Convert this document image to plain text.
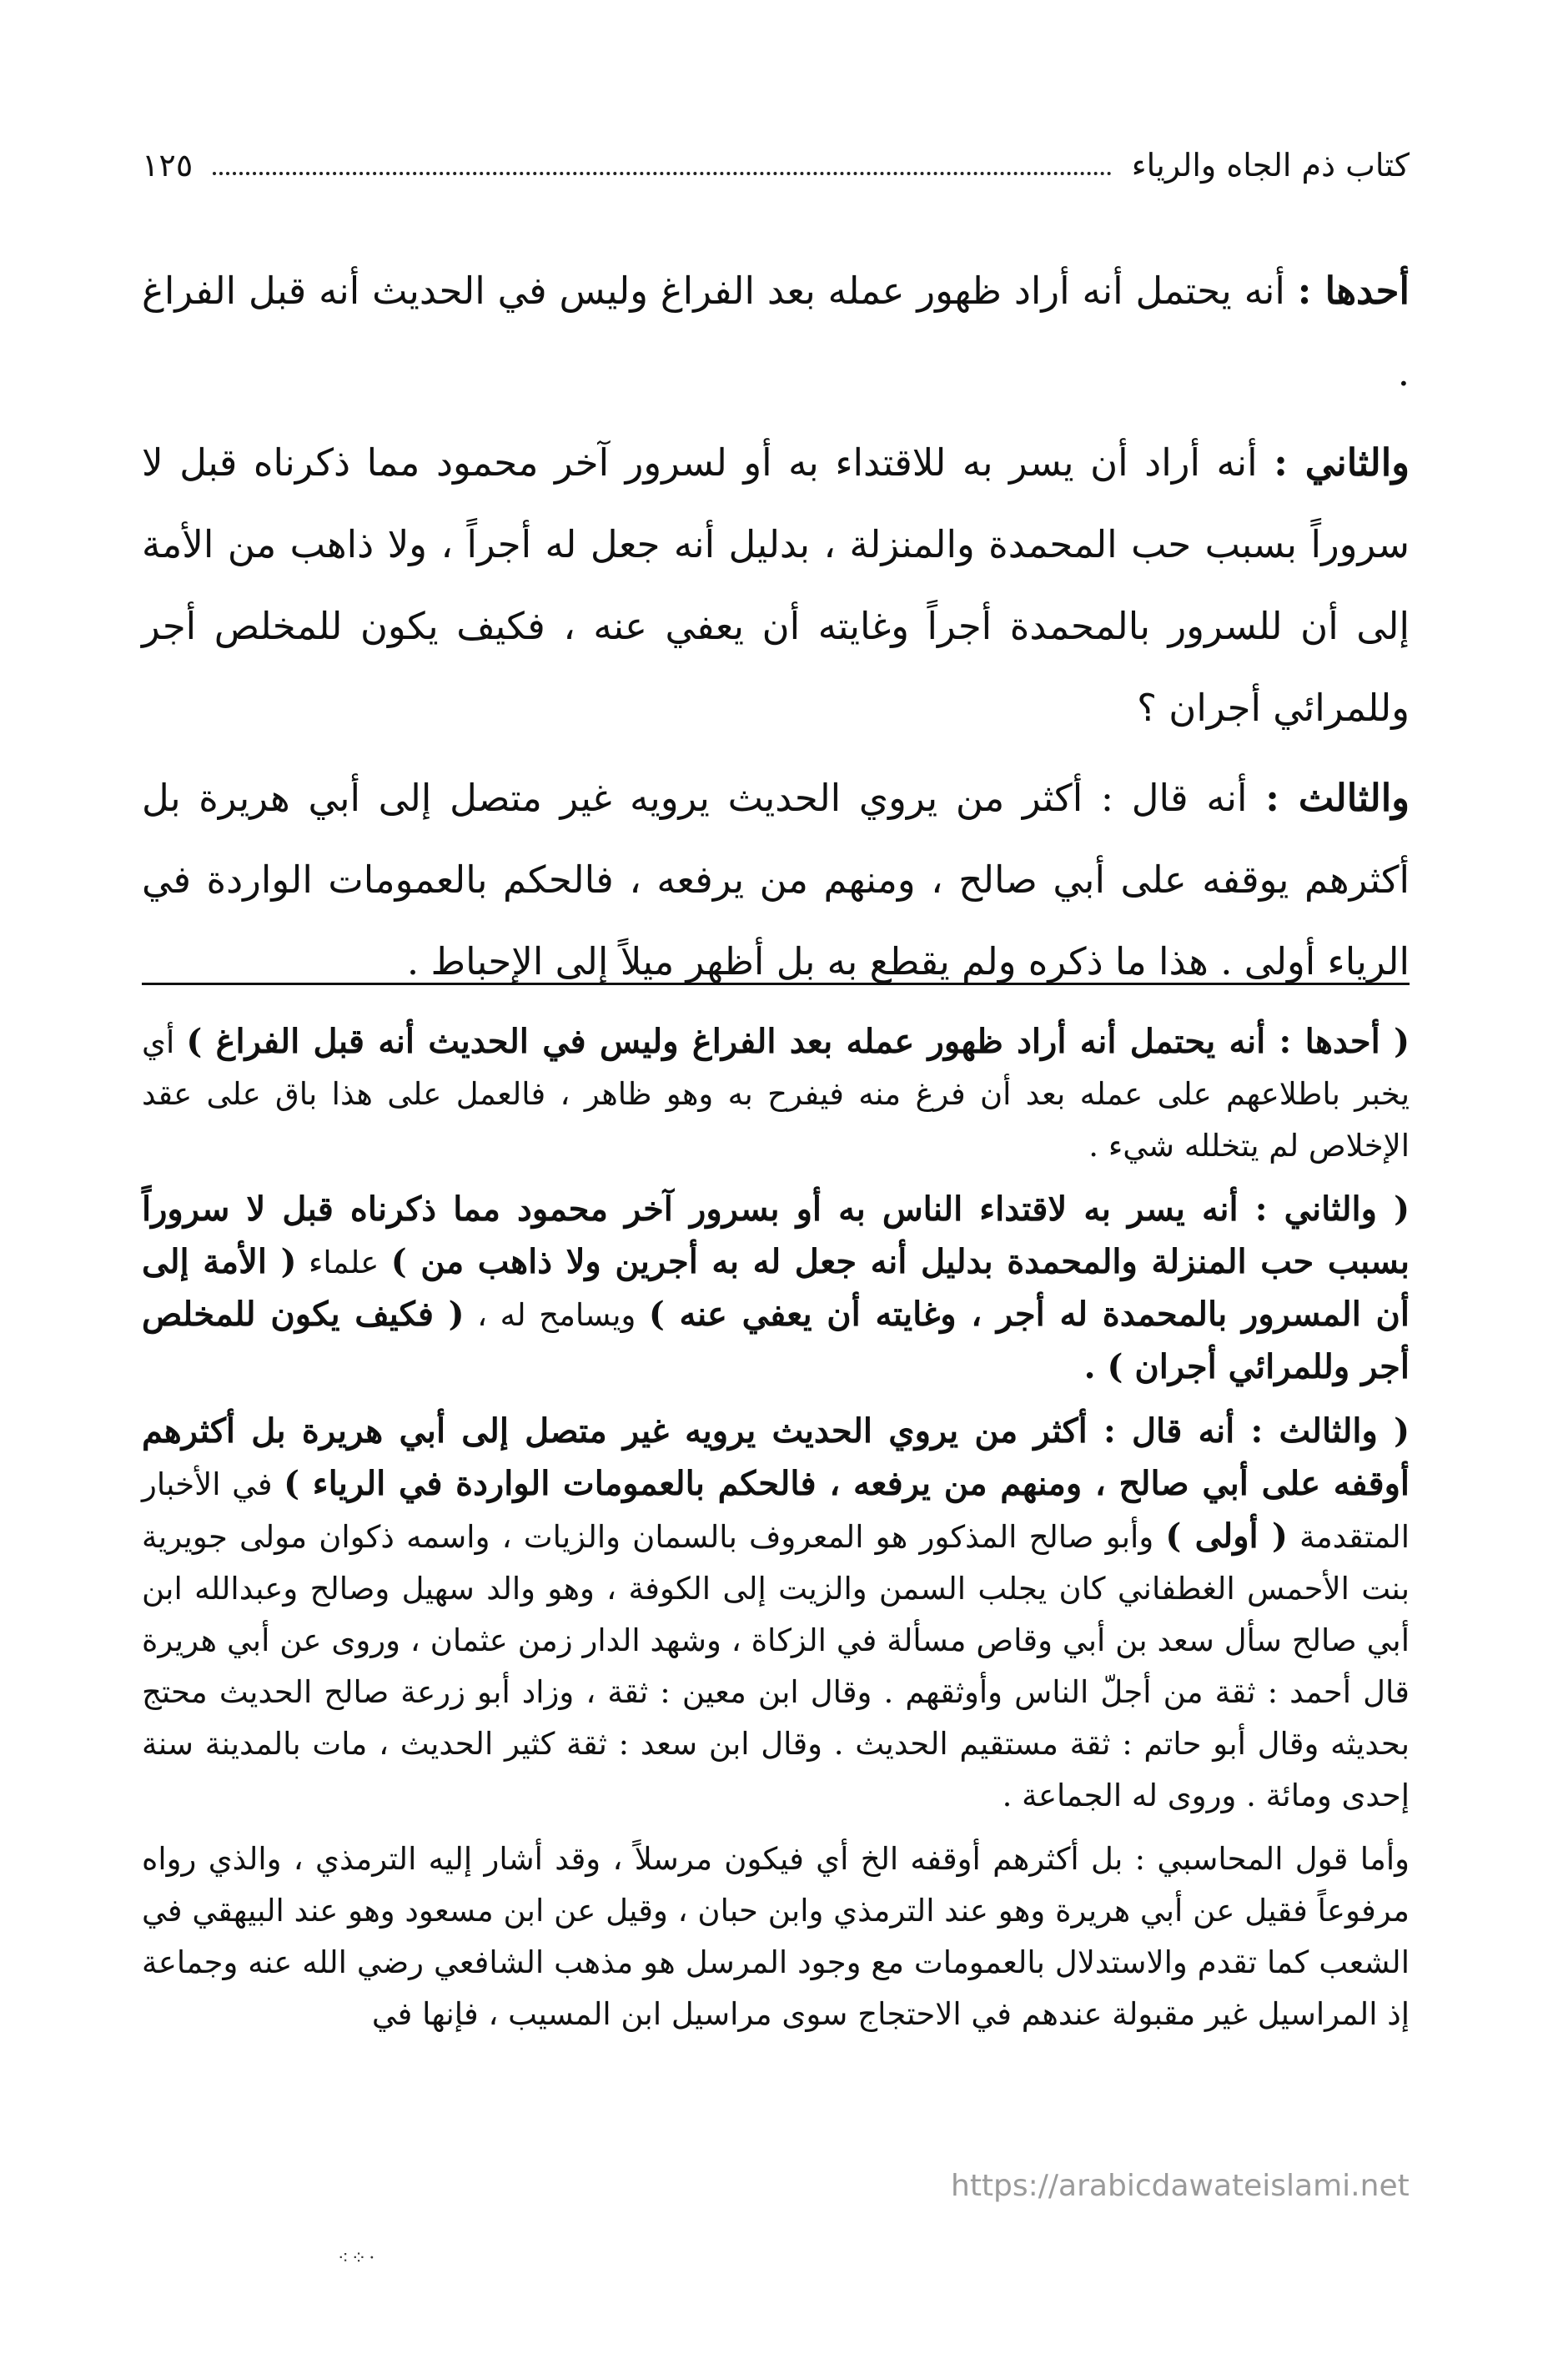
كتاب ذم الجاه والرياء
١٢٥

أحدها : أنه يحتمل أنه أراد ظهور عمله بعد الفراغ وليس في الحديث أنه قبل الفراغ .

والثاني : أنه أراد أن يسر به للاقتداء به أو لسرور آخر محمود مما ذكرناه قبل لا سروراً بسبب حب المحمدة والمنزلة ، بدليل أنه جعل له أجراً ، ولا ذاهب من الأمة إلى أن للسرور بالمحمدة أجراً وغايته أن يعفي عنه ، فكيف يكون للمخلص أجر وللمرائي أجران ؟

والثالث : أنه قال : أكثر من يروي الحديث يرويه غير متصل إلى أبي هريرة بل أكثرهم يوقفه على أبي صالح ، ومنهم من يرفعه ، فالحكم بالعمومات الواردة في الرياء أولى . هذا ما ذكره ولم يقطع به بل أظهر ميلاً إلى الإحباط .

( أحدها : أنه يحتمل أنه أراد ظهور عمله بعد الفراغ وليس في الحديث أنه قبل الفراغ ) أي يخبر باطلاعهم على عمله بعد أن فرغ منه فيفرح به وهو ظاهر ، فالعمل على هذا باق على عقد الإخلاص لم يتخلله شيء .

( والثاني : أنه يسر به لاقتداء الناس به أو بسرور آخر محمود مما ذكرناه قبل لا سروراً بسبب حب المنزلة والمحمدة بدليل أنه جعل له به أجرين ولا ذاهب من ) علماء ( الأمة إلى أن المسرور بالمحمدة له أجر ، وغايته أن يعفي عنه ) ويسامح له ، ( فكيف يكون للمخلص أجر وللمرائي أجران ) .

( والثالث : أنه قال : أكثر من يروي الحديث يرويه غير متصل إلى أبي هريرة بل أكثرهم أوقفه على أبي صالح ، ومنهم من يرفعه ، فالحكم بالعمومات الواردة في الرياء ) في الأخبار المتقدمة ( أولى ) وأبو صالح المذكور هو المعروف بالسمان والزيات ، واسمه ذكوان مولى جويرية بنت الأحمس الغطفاني كان يجلب السمن والزيت إلى الكوفة ، وهو والد سهيل وصالح وعبدالله ابن أبي صالح سأل سعد بن أبي وقاص مسألة في الزكاة ، وشهد الدار زمن عثمان ، وروى عن أبي هريرة قال أحمد : ثقة من أجلّ الناس وأوثقهم . وقال ابن معين : ثقة ، وزاد أبو زرعة صالح الحديث محتج بحديثه وقال أبو حاتم : ثقة مستقيم الحديث . وقال ابن سعد : ثقة كثير الحديث ، مات بالمدينة سنة إحدى ومائة . وروى له الجماعة .

وأما قول المحاسبي : بل أكثرهم أوقفه الخ أي فيكون مرسلاً ، وقد أشار إليه الترمذي ، والذي رواه مرفوعاً فقيل عن أبي هريرة وهو عند الترمذي وابن حبان ، وقيل عن ابن مسعود وهو عند البيهقي في الشعب كما تقدم والاستدلال بالعمومات مع وجود المرسل هو مذهب الشافعي رضي الله عنه وجماعة إذ المراسيل غير مقبولة عندهم في الاحتجاج سوى مراسيل ابن المسيب ، فإنها في

https://arabicdawateislami.net
⁖⁘·
